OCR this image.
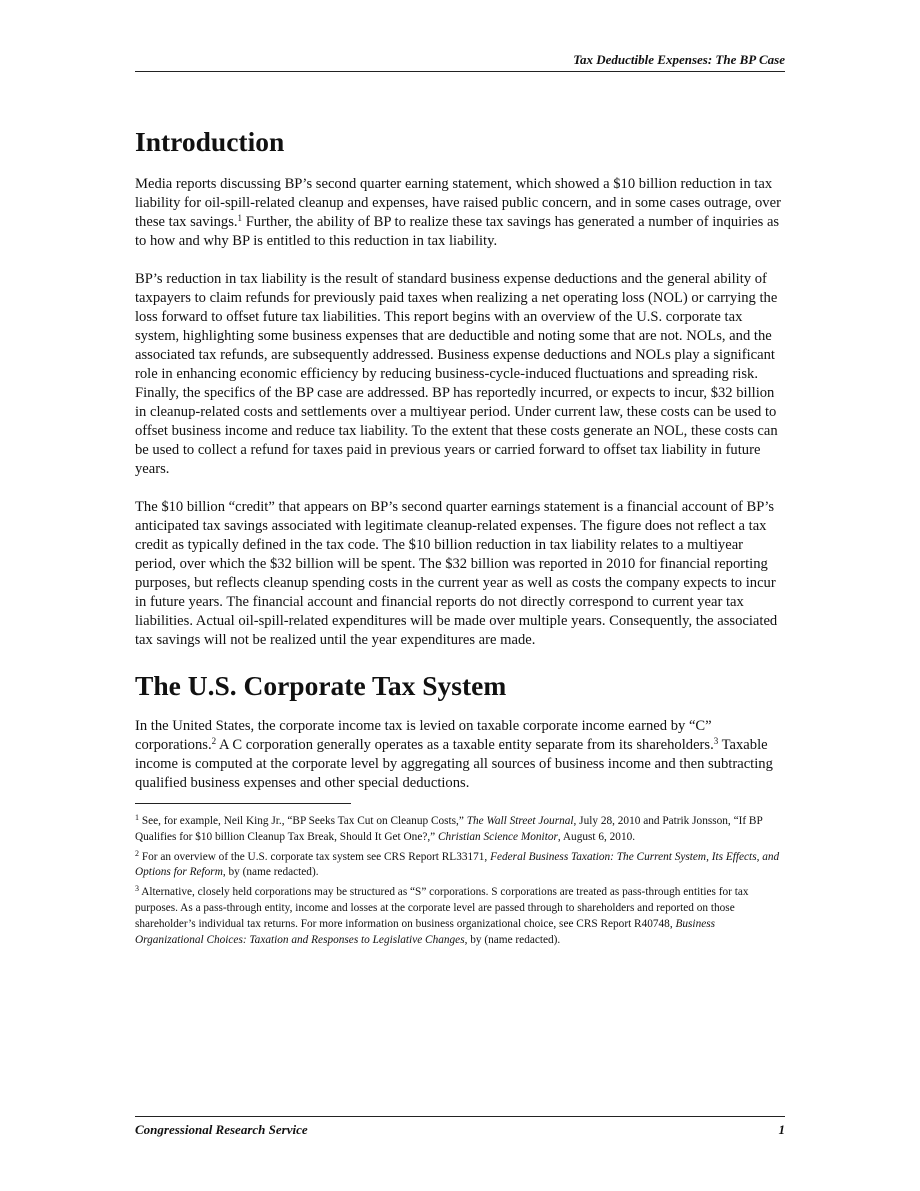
Tax Deductible Expenses: The BP Case
Introduction

Media reports discussing BP’s second quarter earning statement, which showed a $10 billion reduction in tax liability for oil-spill-related cleanup and expenses, have raised public concern, and in some cases outrage, over these tax savings.$^1$ Further, the ability of BP to realize these tax savings has generated a number of inquiries as to how and why BP is entitled to this reduction in tax liability.

BP’s reduction in tax liability is the result of standard business expense deductions and the general ability of taxpayers to claim refunds for previously paid taxes when realizing a net operating loss (NOL) or carrying the loss forward to offset future tax liabilities. This report begins with an overview of the U.S. corporate tax system, highlighting some business expenses that are deductible and noting some that are not. NOLs, and the associated tax refunds, are subsequently addressed. Business expense deductions and NOLs play a significant role in enhancing economic efficiency by reducing business-cycle-induced fluctuations and spreading risk. Finally, the specifics of the BP case are addressed. BP has reportedly incurred, or expects to incur, $32 billion in cleanup-related costs and settlements over a multiyear period. Under current law, these costs can be used to offset business income and reduce tax liability. To the extent that these costs generate an NOL, these costs can be used to collect a refund for taxes paid in previous years or carried forward to offset tax liability in future years.

The $10 billion “credit” that appears on BP’s second quarter earnings statement is a financial account of BP’s anticipated tax savings associated with legitimate cleanup-related expenses. The figure does not reflect a tax credit as typically defined in the tax code. The $10 billion reduction in tax liability relates to a multiyear period, over which the $32 billion will be spent. The $32 billion was reported in 2010 for financial reporting purposes, but reflects cleanup spending costs in the current year as well as costs the company expects to incur in future years. The financial account and financial reports do not directly correspond to current year tax liabilities. Actual oil-spill-related expenditures will be made over multiple years. Consequently, the associated tax savings will not be realized until the year expenditures are made.

The U.S. Corporate Tax System

In the United States, the corporate income tax is levied on taxable corporate income earned by “C” corporations.$^2$ A C corporation generally operates as a taxable entity separate from its shareholders.$^3$ Taxable income is computed at the corporate level by aggregating all sources of business income and then subtracting qualified business expenses and other special deductions.

$^1$ See, for example, Neil King Jr., “BP Seeks Tax Cut on Cleanup Costs,” The Wall Street Journal, July 28, 2010 and Patrik Jonsson, “If BP Qualifies for $10 billion Cleanup Tax Break, Should It Get One?,” Christian Science Monitor, August 6, 2010.
$^2$ For an overview of the U.S. corporate tax system see CRS Report RL33171, Federal Business Taxation: The Current System, Its Effects, and Options for Reform, by (name redacted).
$^3$ Alternative, closely held corporations may be structured as “S” corporations. S corporations are treated as pass-through entities for tax purposes. As a pass-through entity, income and losses at the corporate level are passed through to shareholders and reported on those shareholder’s individual tax returns. For more information on business organizational choice, see CRS Report R40748, Business Organizational Choices: Taxation and Responses to Legislative Changes, by (name redacted).
Congressional Research Service	1
